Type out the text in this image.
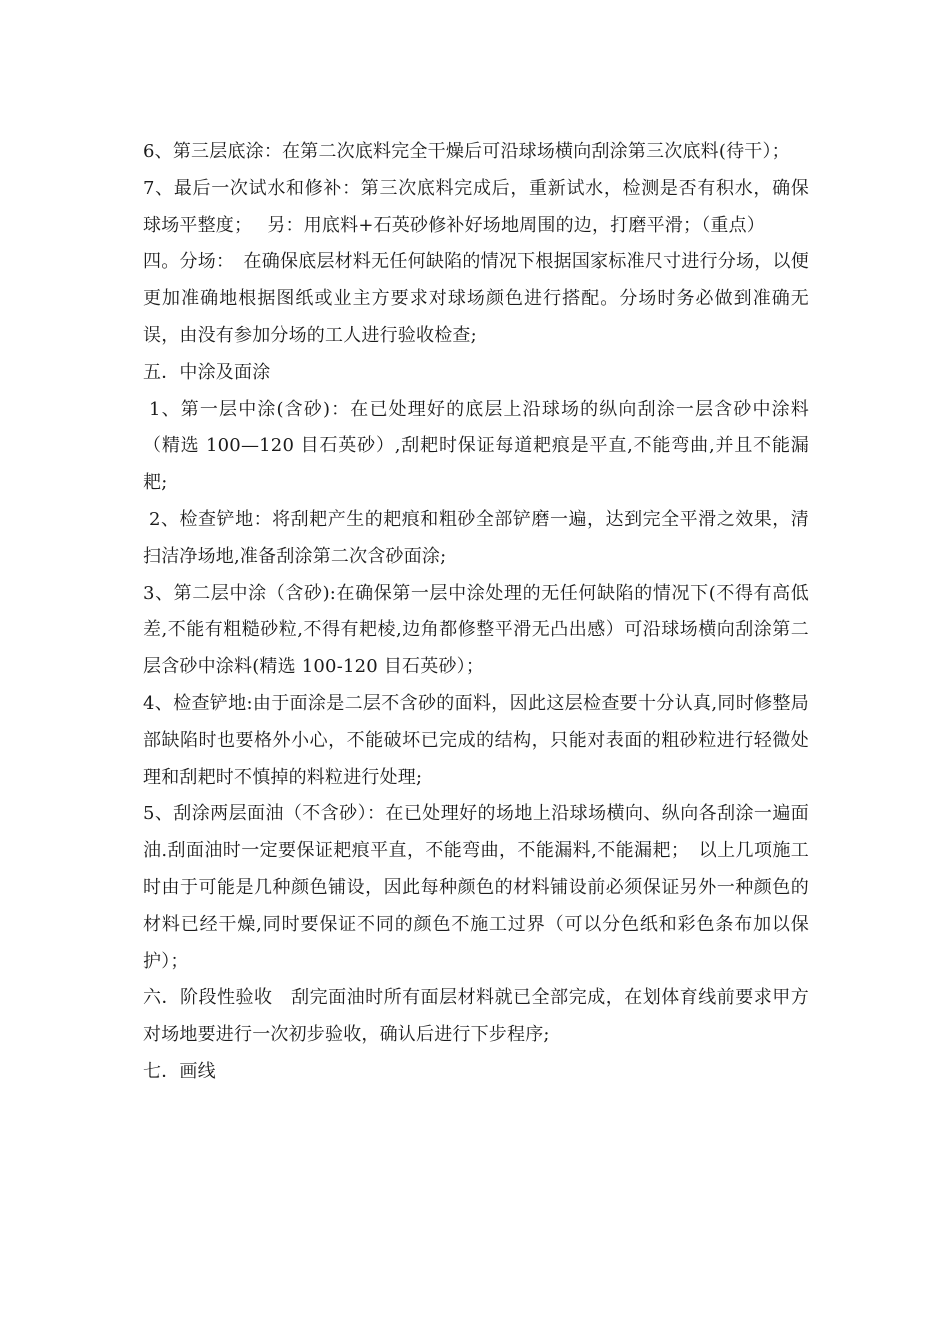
6、第三层底涂：在第二次底料完全干燥后可沿球场横向刮涂第三次底料(待干）；

7、最后一次试水和修补：第三次底料完成后，重新试水，检测是否有积水，确保球场平整度；　 另：用底料+石英砂修补好场地周围的边，打磨平滑；（重点）

四。分场：　在确保底层材料无任何缺陷的情况下根据国家标准尺寸进行分场，以便更加准确地根据图纸或业主方要求对球场颜色进行搭配。分场时务必做到准确无误，由没有参加分场的工人进行验收检查;

五．中涂及面涂

1、第一层中涂(含砂)：在已处理好的底层上沿球场的纵向刮涂一层含砂中涂料（精选 100—120 目石英砂）,刮耙时保证每道耙痕是平直,不能弯曲,并且不能漏耙;

2、检查铲地：将刮耙产生的耙痕和粗砂全部铲磨一遍，达到完全平滑之效果，清扫洁净场地,准备刮涂第二次含砂面涂;

3、第二层中涂（含砂):在确保第一层中涂处理的无任何缺陷的情况下(不得有高低差,不能有粗糙砂粒,不得有耙棱,边角都修整平滑无凸出感）可沿球场横向刮涂第二层含砂中涂料(精选 100-120 目石英砂）；

4、检查铲地:由于面涂是二层不含砂的面料，因此这层检查要十分认真,同时修整局部缺陷时也要格外小心，不能破坏已完成的结构，只能对表面的粗砂粒进行轻微处理和刮耙时不慎掉的料粒进行处理;

5、刮涂两层面油（不含砂）：在已处理好的场地上沿球场横向、纵向各刮涂一遍面油.刮面油时一定要保证耙痕平直，不能弯曲，不能漏料,不能漏耙；　以上几项施工时由于可能是几种颜色铺设，因此每种颜色的材料铺设前必须保证另外一种颜色的材料已经干燥,同时要保证不同的颜色不施工过界（可以分色纸和彩色条布加以保护）；

六．阶段性验收　刮完面油时所有面层材料就已全部完成，在划体育线前要求甲方对场地要进行一次初步验收，确认后进行下步程序;

七．画线
